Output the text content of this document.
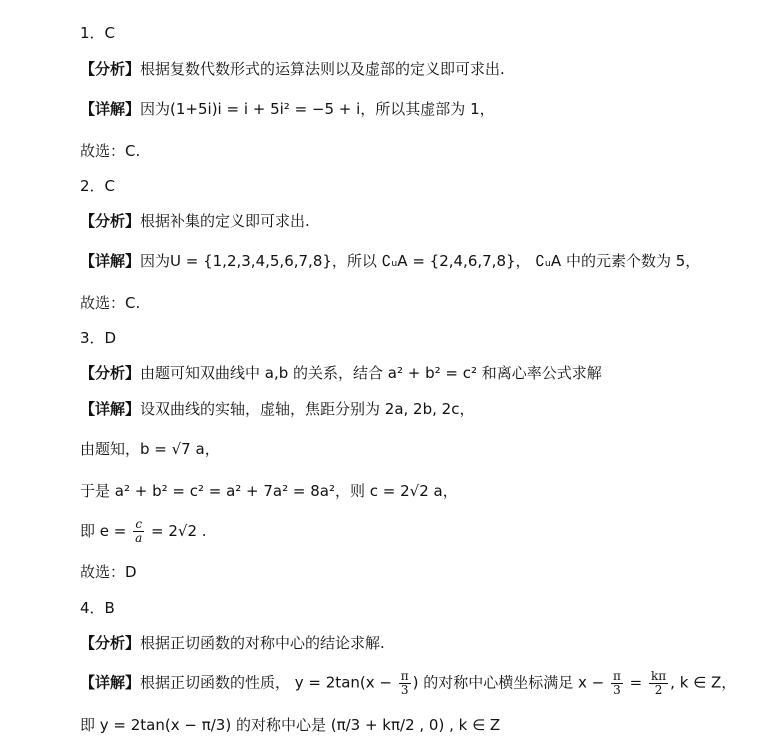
1．C
【分析】根据复数代数形式的运算法则以及虚部的定义即可求出.
【详解】因为(1+5i)i = i + 5i² = −5 + i，所以其虚部为 1，
故选：C.
2．C
【分析】根据补集的定义即可求出.
【详解】因为U = {1,2,3,4,5,6,7,8}，所以 ∁ᵤA = {2,4,6,7,8}， ∁ᵤA 中的元素个数为 5，
故选：C.
3．D
【分析】由题可知双曲线中 a,b 的关系，结合 a² + b² = c² 和离心率公式求解
【详解】设双曲线的实轴，虚轴，焦距分别为 2a, 2b, 2c，
由题知，b = √7 a，
于是 a² + b² = c² = a² + 7a² = 8a²，则 c = 2√2 a，
即 $e = \frac{c}{a} = 2√2$ .
故选：D
4．B
【分析】根据正切函数的对称中心的结论求解.
【详解】根据正切函数的性质， $y = 2\tan(x - \frac{\pi}{3}$ ) 的对称中心横坐标满足 $x - \frac{\pi}{3} = \frac{k\pi}{2}$ , k ∈ Z，
即 y = 2tan(x − π/3) 的对称中心是 (π/3 + kπ/2 , 0) , k ∈ Z
